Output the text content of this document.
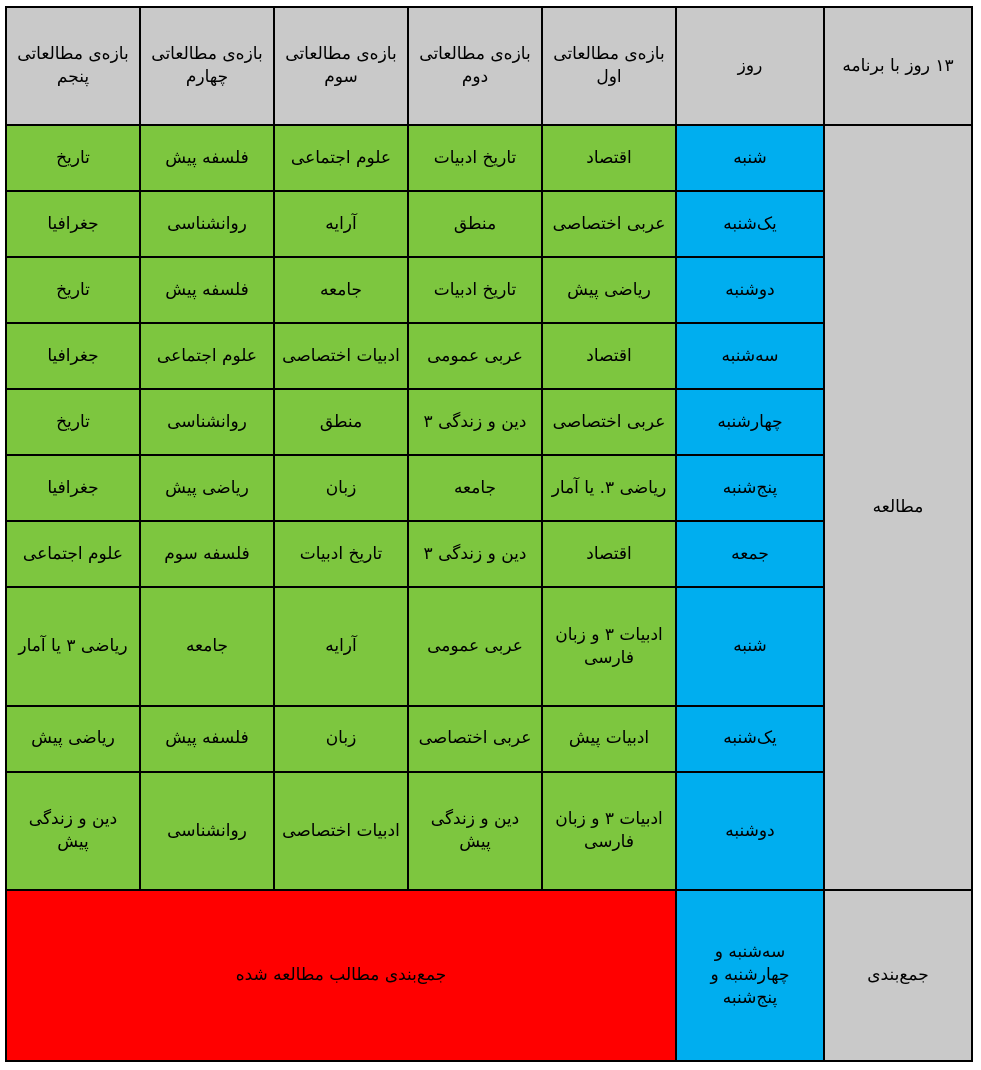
۱۳ روز با برنامه	روز	بازه‌ی مطالعاتی اول	بازه‌ی مطالعاتی دوم	بازه‌ی مطالعاتی سوم	بازه‌ی مطالعاتی چهارم	بازه‌ی مطالعاتی پنجم
مطالعه	شنبه	اقتصاد	تاریخ ادبیات	علوم اجتماعی	فلسفه پیش	تاریخ
	یک‌شنبه	عربی اختصاصی	منطق	آرایه	روانشناسی	جغرافیا
	دوشنبه	ریاضی پیش	تاریخ ادبیات	جامعه	فلسفه پیش	تاریخ
	سه‌شنبه	اقتصاد	عربی عمومی	ادبیات اختصاصی	علوم اجتماعی	جغرافیا
	چهارشنبه	عربی اختصاصی	دین و زندگی ۳	منطق	روانشناسی	تاریخ
	پنج‌شنبه	ریاضی ۳. یا آمار	جامعه	زبان	ریاضی پیش	جغرافیا
	جمعه	اقتصاد	دین و زندگی ۳	تاریخ ادبیات	فلسفه سوم	علوم اجتماعی
	شنبه	ادبیات ۳ و زبان فارسی	عربی عمومی	آرایه	جامعه	ریاضی ۳ یا آمار
	یک‌شنبه	ادبیات پیش	عربی اختصاصی	زبان	فلسفه پیش	ریاضی پیش
	دوشنبه	ادبیات ۳ و زبان فارسی	دین و زندگی پیش	ادبیات اختصاصی	روانشناسی	دین و زندگی پیش
جمع‌بندی	سه‌شنبه و چهارشنبه و پنج‌شنبه	جمع‌بندی مطالب مطالعه شده				
